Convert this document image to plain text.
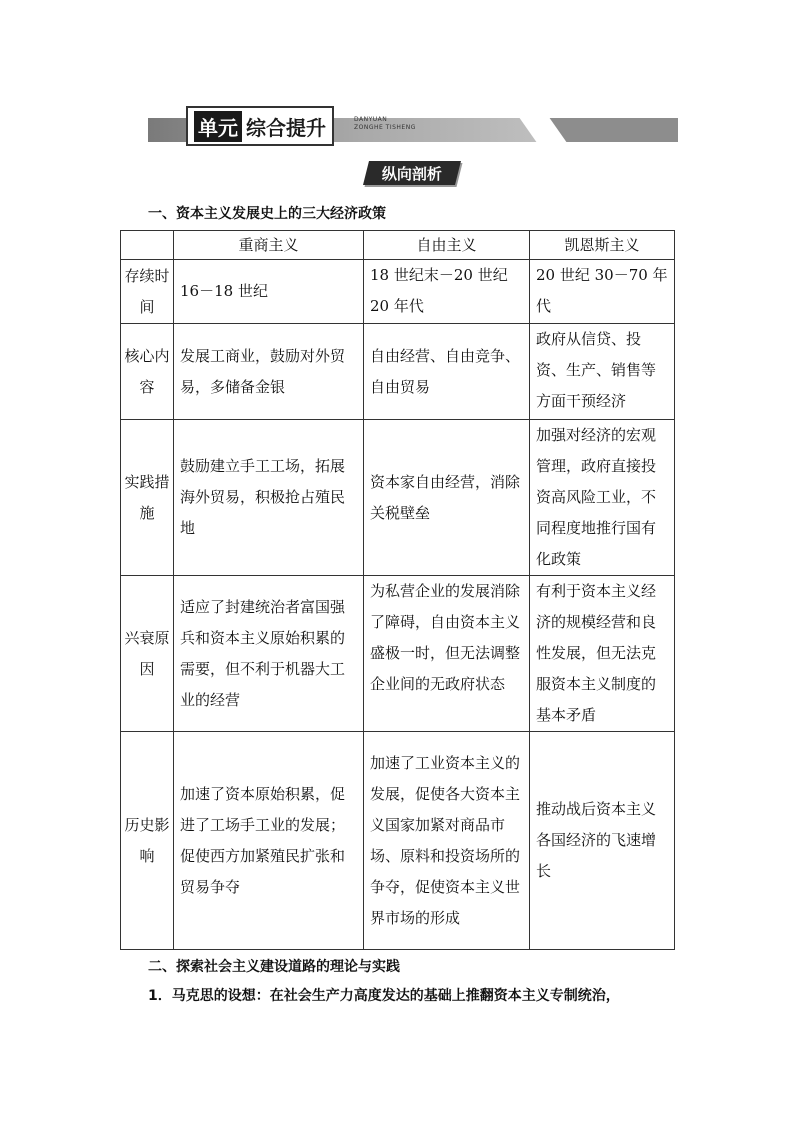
单元 综合提升	DANYUAN
ZONGHE TISHENG
纵向剖析
一、资本主义发展史上的三大经济政策
	重商主义	自由主义	凯恩斯主义
存续时间	16－18 世纪	18 世纪末－20 世纪 20 年代	20 世纪 30－70 年代
核心内容	发展工商业，鼓励对外贸易，多储备金银	自由经营、自由竞争、自由贸易	政府从信贷、投资、生产、销售等方面干预经济
实践措施	鼓励建立手工工场，拓展海外贸易，积极抢占殖民地	资本家自由经营，消除关税壁垒	加强对经济的宏观管理，政府直接投资高风险工业，不同程度地推行国有化政策
兴衰原因	适应了封建统治者富国强兵和资本主义原始积累的需要，但不利于机器大工业的经营	为私营企业的发展消除了障碍，自由资本主义盛极一时，但无法调整企业间的无政府状态	有利于资本主义经济的规模经营和良性发展，但无法克服资本主义制度的基本矛盾
历史影响	加速了资本原始积累，促进了工场手工业的发展；促使西方加紧殖民扩张和贸易争夺	加速了工业资本主义的发展，促使各大资本主义国家加紧对商品市场、原料和投资场所的争夺，促使资本主义世界市场的形成	推动战后资本主义各国经济的飞速增长
二、探索社会主义建设道路的理论与实践
1．马克思的设想：在社会生产力高度发达的基础上推翻资本主义专制统治，
